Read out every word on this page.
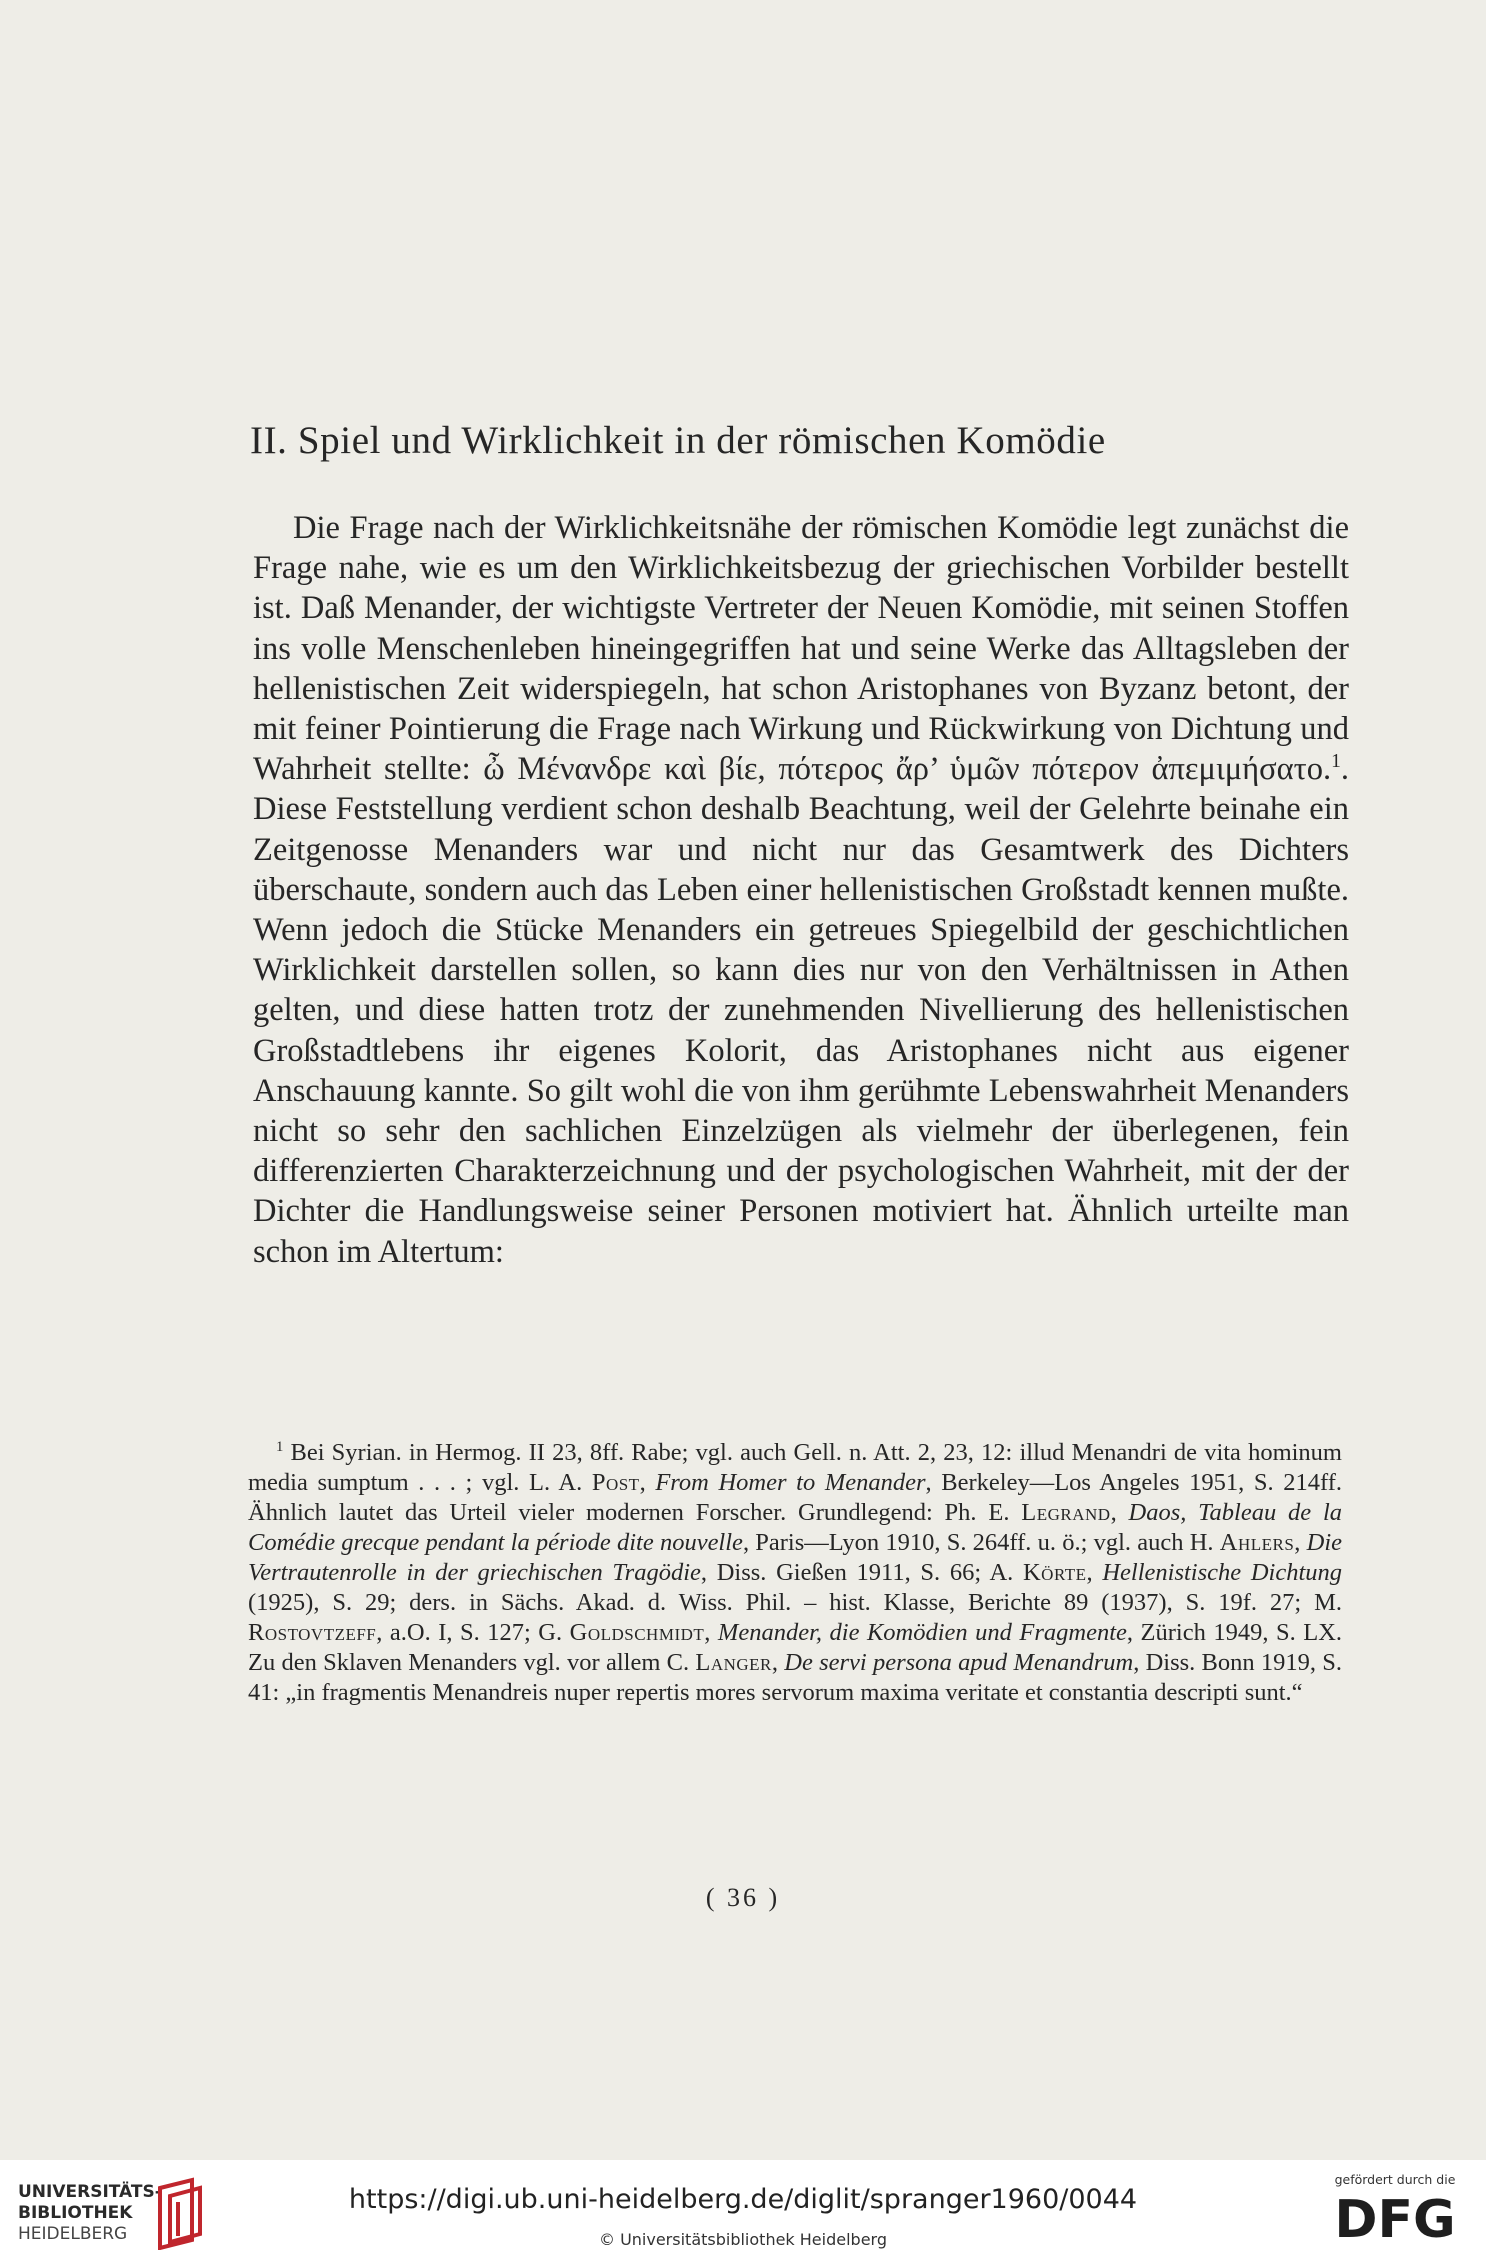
II. Spiel und Wirklichkeit in der römischen Komödie
Die Frage nach der Wirklichkeitsnähe der römischen Komödie legt zunächst die Frage nahe, wie es um den Wirklichkeitsbezug der griechischen Vorbilder bestellt ist. Daß Menander, der wichtigste Vertreter der Neuen Komödie, mit seinen Stoffen ins volle Menschenleben hineingegriffen hat und seine Werke das Alltagsleben der hellenistischen Zeit widerspiegeln, hat schon Aristophanes von Byzanz betont, der mit feiner Pointierung die Frage nach Wirkung und Rückwirkung von Dichtung und Wahrheit stellte: ὦ Μένανδρε καὶ βίε, πότερος ἄρ’ ὑμῶν πότερον ἀπεμιμήσατο.$^1$. Diese Feststellung verdient schon deshalb Beachtung, weil der Gelehrte beinahe ein Zeitgenosse Menanders war und nicht nur das Gesamtwerk des Dichters überschaute, sondern auch das Leben einer hellenistischen Großstadt kennen mußte. Wenn jedoch die Stücke Menanders ein getreues Spiegelbild der geschichtlichen Wirklichkeit darstellen sollen, so kann dies nur von den Verhältnissen in Athen gelten, und diese hatten trotz der zunehmenden Nivellierung des hellenistischen Großstadtlebens ihr eigenes Kolorit, das Aristophanes nicht aus eigener Anschauung kannte. So gilt wohl die von ihm gerühmte Lebenswahrheit Menanders nicht so sehr den sachlichen Einzelzügen als vielmehr der überlegenen, fein differenzierten Charakterzeichnung und der psychologischen Wahrheit, mit der der Dichter die Handlungsweise seiner Personen motiviert hat. Ähnlich urteilte man schon im Altertum:
$^1$ Bei Syrian. in Hermog. II 23, 8ff. Rabe; vgl. auch Gell. n. Att. 2, 23, 12: illud Menandri de vita hominum media sumptum . . . ; vgl. L. A. Post, From Homer to Menander, Berkeley—Los Angeles 1951, S. 214ff. Ähnlich lautet das Urteil vieler modernen Forscher. Grundlegend: Ph. E. Legrand, Daos, Tableau de la Comédie grecque pendant la période dite nouvelle, Paris—Lyon 1910, S. 264ff. u. ö.; vgl. auch H. Ahlers, Die Vertrautenrolle in der griechischen Tragödie, Diss. Gießen 1911, S. 66; A. Körte, Hellenistische Dichtung (1925), S. 29; ders. in Sächs. Akad. d. Wiss. Phil. – hist. Klasse, Berichte 89 (1937), S. 19f. 27; M. Rostovtzeff, a.O. I, S. 127; G. Goldschmidt, Menander, die Komödien und Fragmente, Zürich 1949, S. LX. Zu den Sklaven Menanders vgl. vor allem C. Langer, De servi persona apud Menandrum, Diss. Bonn 1919, S. 41: „in fragmentis Menandreis nuper repertis mores servorum maxima veritate et constantia descripti sunt.“
( 36 )
UNIVERSITÄTS-
BIBLIOTHEK
HEIDELBERG
https://digi.ub.uni-heidelberg.de/diglit/spranger1960/0044
© Universitätsbibliothek Heidelberg
gefördert durch die
DFG
